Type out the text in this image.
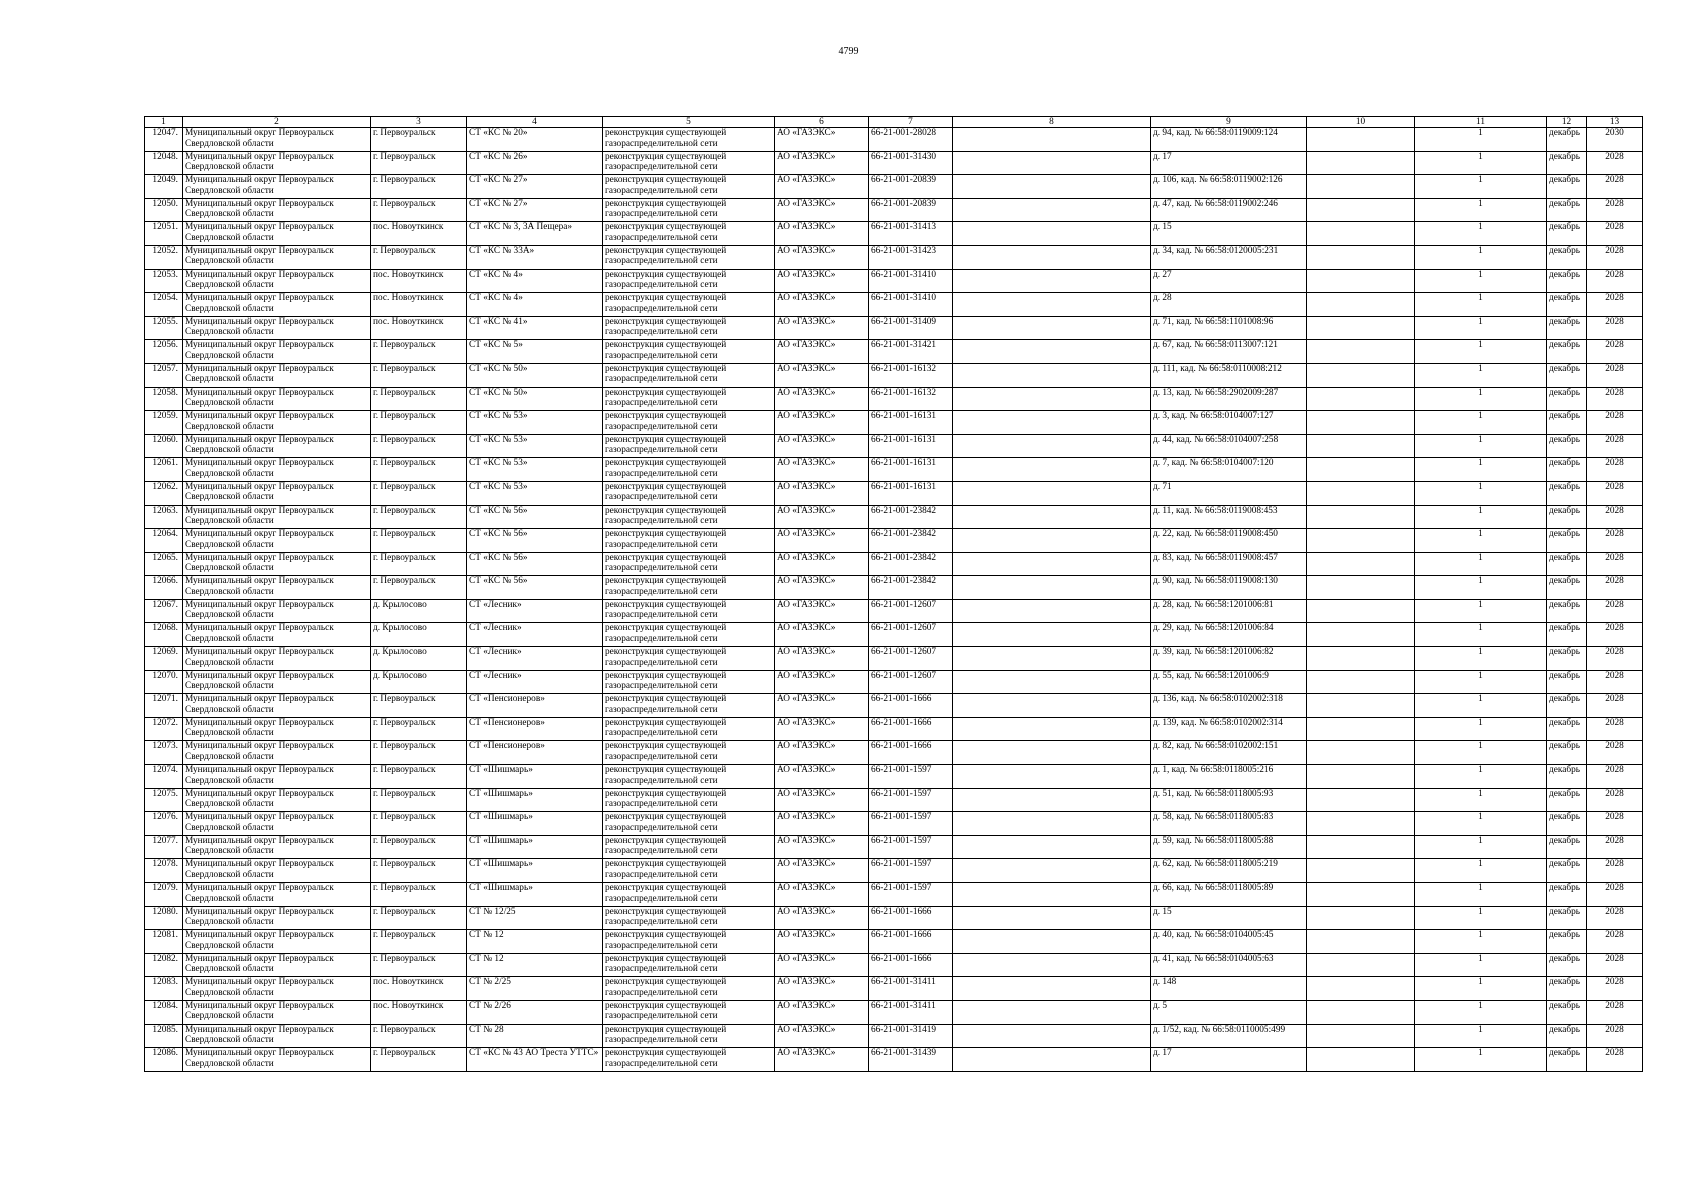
4799
1	2	3	4	5	6	7	8	9	10	11	12	13
12047.	Муниципальный округ Первоуральск Свердловской области	г. Первоуральск	СТ «КС № 20»	реконструкция существующей газораспределительной сети	АО «ГАЗЭКС»	66-21-001-28028		д. 94, кад. № 66:58:0119009:124		1	декабрь	2030
12048.	Муниципальный округ Первоуральск Свердловской области	г. Первоуральск	СТ «КС № 26»	реконструкция существующей газораспределительной сети	АО «ГАЗЭКС»	66-21-001-31430		д. 17		1	декабрь	2028
12049.	Муниципальный округ Первоуральск Свердловской области	г. Первоуральск	СТ «КС № 27»	реконструкция существующей газораспределительной сети	АО «ГАЗЭКС»	66-21-001-20839		д. 106, кад. № 66:58:0119002:126		1	декабрь	2028
12050.	Муниципальный округ Первоуральск Свердловской области	г. Первоуральск	СТ «КС № 27»	реконструкция существующей газораспределительной сети	АО «ГАЗЭКС»	66-21-001-20839		д. 47, кад. № 66:58:0119002:246		1	декабрь	2028
12051.	Муниципальный округ Первоуральск Свердловской области	пос. Новоуткинск	СТ «КС № 3, 3А Пещера»	реконструкция существующей газораспределительной сети	АО «ГАЗЭКС»	66-21-001-31413		д. 15		1	декабрь	2028
12052.	Муниципальный округ Первоуральск Свердловской области	г. Первоуральск	СТ «КС № 33А»	реконструкция существующей газораспределительной сети	АО «ГАЗЭКС»	66-21-001-31423		д. 34, кад. № 66:58:0120005:231		1	декабрь	2028
12053.	Муниципальный округ Первоуральск Свердловской области	пос. Новоуткинск	СТ «КС № 4»	реконструкция существующей газораспределительной сети	АО «ГАЗЭКС»	66-21-001-31410		д. 27		1	декабрь	2028
12054.	Муниципальный округ Первоуральск Свердловской области	пос. Новоуткинск	СТ «КС № 4»	реконструкция существующей газораспределительной сети	АО «ГАЗЭКС»	66-21-001-31410		д. 28		1	декабрь	2028
12055.	Муниципальный округ Первоуральск Свердловской области	пос. Новоуткинск	СТ «КС № 41»	реконструкция существующей газораспределительной сети	АО «ГАЗЭКС»	66-21-001-31409		д. 71, кад. № 66:58:1101008:96		1	декабрь	2028
12056.	Муниципальный округ Первоуральск Свердловской области	г. Первоуральск	СТ «КС № 5»	реконструкция существующей газораспределительной сети	АО «ГАЗЭКС»	66-21-001-31421		д. 67, кад. № 66:58:0113007:121		1	декабрь	2028
12057.	Муниципальный округ Первоуральск Свердловской области	г. Первоуральск	СТ «КС № 50»	реконструкция существующей газораспределительной сети	АО «ГАЗЭКС»	66-21-001-16132		д. 111, кад. № 66:58:0110008:212		1	декабрь	2028
12058.	Муниципальный округ Первоуральск Свердловской области	г. Первоуральск	СТ «КС № 50»	реконструкция существующей газораспределительной сети	АО «ГАЗЭКС»	66-21-001-16132		д. 13, кад. № 66:58:2902009:287		1	декабрь	2028
12059.	Муниципальный округ Первоуральск Свердловской области	г. Первоуральск	СТ «КС № 53»	реконструкция существующей газораспределительной сети	АО «ГАЗЭКС»	66-21-001-16131		д. 3, кад. № 66:58:0104007:127		1	декабрь	2028
12060.	Муниципальный округ Первоуральск Свердловской области	г. Первоуральск	СТ «КС № 53»	реконструкция существующей газораспределительной сети	АО «ГАЗЭКС»	66-21-001-16131		д. 44, кад. № 66:58:0104007:258		1	декабрь	2028
12061.	Муниципальный округ Первоуральск Свердловской области	г. Первоуральск	СТ «КС № 53»	реконструкция существующей газораспределительной сети	АО «ГАЗЭКС»	66-21-001-16131		д. 7, кад. № 66:58:0104007:120		1	декабрь	2028
12062.	Муниципальный округ Первоуральск Свердловской области	г. Первоуральск	СТ «КС № 53»	реконструкция существующей газораспределительной сети	АО «ГАЗЭКС»	66-21-001-16131		д. 71		1	декабрь	2028
12063.	Муниципальный округ Первоуральск Свердловской области	г. Первоуральск	СТ «КС № 56»	реконструкция существующей газораспределительной сети	АО «ГАЗЭКС»	66-21-001-23842		д. 11, кад. № 66:58:0119008:453		1	декабрь	2028
12064.	Муниципальный округ Первоуральск Свердловской области	г. Первоуральск	СТ «КС № 56»	реконструкция существующей газораспределительной сети	АО «ГАЗЭКС»	66-21-001-23842		д. 22, кад. № 66:58:0119008:450		1	декабрь	2028
12065.	Муниципальный округ Первоуральск Свердловской области	г. Первоуральск	СТ «КС № 56»	реконструкция существующей газораспределительной сети	АО «ГАЗЭКС»	66-21-001-23842		д. 83, кад. № 66:58:0119008:457		1	декабрь	2028
12066.	Муниципальный округ Первоуральск Свердловской области	г. Первоуральск	СТ «КС № 56»	реконструкция существующей газораспределительной сети	АО «ГАЗЭКС»	66-21-001-23842		д. 90, кад. № 66:58:0119008:130		1	декабрь	2028
12067.	Муниципальный округ Первоуральск Свердловской области	д. Крылосово	СТ «Лесник»	реконструкция существующей газораспределительной сети	АО «ГАЗЭКС»	66-21-001-12607		д. 28, кад. № 66:58:1201006:81		1	декабрь	2028
12068.	Муниципальный округ Первоуральск Свердловской области	д. Крылосово	СТ «Лесник»	реконструкция существующей газораспределительной сети	АО «ГАЗЭКС»	66-21-001-12607		д. 29, кад. № 66:58:1201006:84		1	декабрь	2028
12069.	Муниципальный округ Первоуральск Свердловской области	д. Крылосово	СТ «Лесник»	реконструкция существующей газораспределительной сети	АО «ГАЗЭКС»	66-21-001-12607		д. 39, кад. № 66:58:1201006:82		1	декабрь	2028
12070.	Муниципальный округ Первоуральск Свердловской области	д. Крылосово	СТ «Лесник»	реконструкция существующей газораспределительной сети	АО «ГАЗЭКС»	66-21-001-12607		д. 55, кад. № 66:58:1201006:9		1	декабрь	2028
12071.	Муниципальный округ Первоуральск Свердловской области	г. Первоуральск	СТ «Пенсионеров»	реконструкция существующей газораспределительной сети	АО «ГАЗЭКС»	66-21-001-1666		д. 136, кад. № 66:58:0102002:318		1	декабрь	2028
12072.	Муниципальный округ Первоуральск Свердловской области	г. Первоуральск	СТ «Пенсионеров»	реконструкция существующей газораспределительной сети	АО «ГАЗЭКС»	66-21-001-1666		д. 139, кад. № 66:58:0102002:314		1	декабрь	2028
12073.	Муниципальный округ Первоуральск Свердловской области	г. Первоуральск	СТ «Пенсионеров»	реконструкция существующей газораспределительной сети	АО «ГАЗЭКС»	66-21-001-1666		д. 82, кад. № 66:58:0102002:151		1	декабрь	2028
12074.	Муниципальный округ Первоуральск Свердловской области	г. Первоуральск	СТ «Шишмарь»	реконструкция существующей газораспределительной сети	АО «ГАЗЭКС»	66-21-001-1597		д. 1, кад. № 66:58:0118005:216		1	декабрь	2028
12075.	Муниципальный округ Первоуральск Свердловской области	г. Первоуральск	СТ «Шишмарь»	реконструкция существующей газораспределительной сети	АО «ГАЗЭКС»	66-21-001-1597		д. 51, кад. № 66:58:0118005:93		1	декабрь	2028
12076.	Муниципальный округ Первоуральск Свердловской области	г. Первоуральск	СТ «Шишмарь»	реконструкция существующей газораспределительной сети	АО «ГАЗЭКС»	66-21-001-1597		д. 58, кад. № 66:58:0118005:83		1	декабрь	2028
12077.	Муниципальный округ Первоуральск Свердловской области	г. Первоуральск	СТ «Шишмарь»	реконструкция существующей газораспределительной сети	АО «ГАЗЭКС»	66-21-001-1597		д. 59, кад. № 66:58:0118005:88		1	декабрь	2028
12078.	Муниципальный округ Первоуральск Свердловской области	г. Первоуральск	СТ «Шишмарь»	реконструкция существующей газораспределительной сети	АО «ГАЗЭКС»	66-21-001-1597		д. 62, кад. № 66:58:0118005:219		1	декабрь	2028
12079.	Муниципальный округ Первоуральск Свердловской области	г. Первоуральск	СТ «Шишмарь»	реконструкция существующей газораспределительной сети	АО «ГАЗЭКС»	66-21-001-1597		д. 66, кад. № 66:58:0118005:89		1	декабрь	2028
12080.	Муниципальный округ Первоуральск Свердловской области	г. Первоуральск	СТ № 12/25	реконструкция существующей газораспределительной сети	АО «ГАЗЭКС»	66-21-001-1666		д. 15		1	декабрь	2028
12081.	Муниципальный округ Первоуральск Свердловской области	г. Первоуральск	СТ № 12	реконструкция существующей газораспределительной сети	АО «ГАЗЭКС»	66-21-001-1666		д. 40, кад. № 66:58:0104005:45		1	декабрь	2028
12082.	Муниципальный округ Первоуральск Свердловской области	г. Первоуральск	СТ № 12	реконструкция существующей газораспределительной сети	АО «ГАЗЭКС»	66-21-001-1666		д. 41, кад. № 66:58:0104005:63		1	декабрь	2028
12083.	Муниципальный округ Первоуральск Свердловской области	пос. Новоуткинск	СТ № 2/25	реконструкция существующей газораспределительной сети	АО «ГАЗЭКС»	66-21-001-31411		д. 148		1	декабрь	2028
12084.	Муниципальный округ Первоуральск Свердловской области	пос. Новоуткинск	СТ № 2/26	реконструкция существующей газораспределительной сети	АО «ГАЗЭКС»	66-21-001-31411		д. 5		1	декабрь	2028
12085.	Муниципальный округ Первоуральск Свердловской области	г. Первоуральск	СТ № 28	реконструкция существующей газораспределительной сети	АО «ГАЗЭКС»	66-21-001-31419		д. 1/52, кад. № 66:58:0110005:499		1	декабрь	2028
12086.	Муниципальный округ Первоуральск Свердловской области	г. Первоуральск	СТ «КС № 43 АО Треста УТТС»	реконструкция существующей газораспределительной сети	АО «ГАЗЭКС»	66-21-001-31439		д. 17		1	декабрь	2028
